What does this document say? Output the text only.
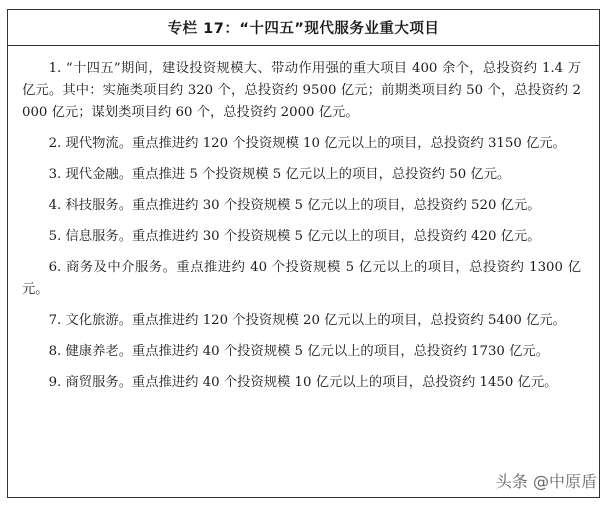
专栏 17：“十四五”现代服务业重大项目

1. “十四五”期间，建设投资规模大、带动作用强的重大项目 400 余个，总投资约 1.4 万亿元。其中：实施类项目约 320 个，总投资约 9500 亿元；前期类项目约 50 个，总投资约 2000 亿元；谋划类项目约 60 个，总投资约 2000 亿元。

2. 现代物流。重点推进约 120 个投资规模 10 亿元以上的项目，总投资约 3150 亿元。

3. 现代金融。重点推进 5 个投资规模 5 亿元以上的项目，总投资约 50 亿元。

4. 科技服务。重点推进约 30 个投资规模 5 亿元以上的项目，总投资约 520 亿元。

5. 信息服务。重点推进约 30 个投资规模 5 亿元以上的项目，总投资约 420 亿元。

6. 商务及中介服务。重点推进约 40 个投资规模 5 亿元以上的项目，总投资约 1300 亿元。

7. 文化旅游。重点推进约 120 个投资规模 20 亿元以上的项目，总投资约 5400 亿元。

8. 健康养老。重点推进约 40 个投资规模 5 亿元以上的项目，总投资约 1730 亿元。

9. 商贸服务。重点推进约 40 个投资规模 10 亿元以上的项目，总投资约 1450 亿元。

头条 @中原盾
